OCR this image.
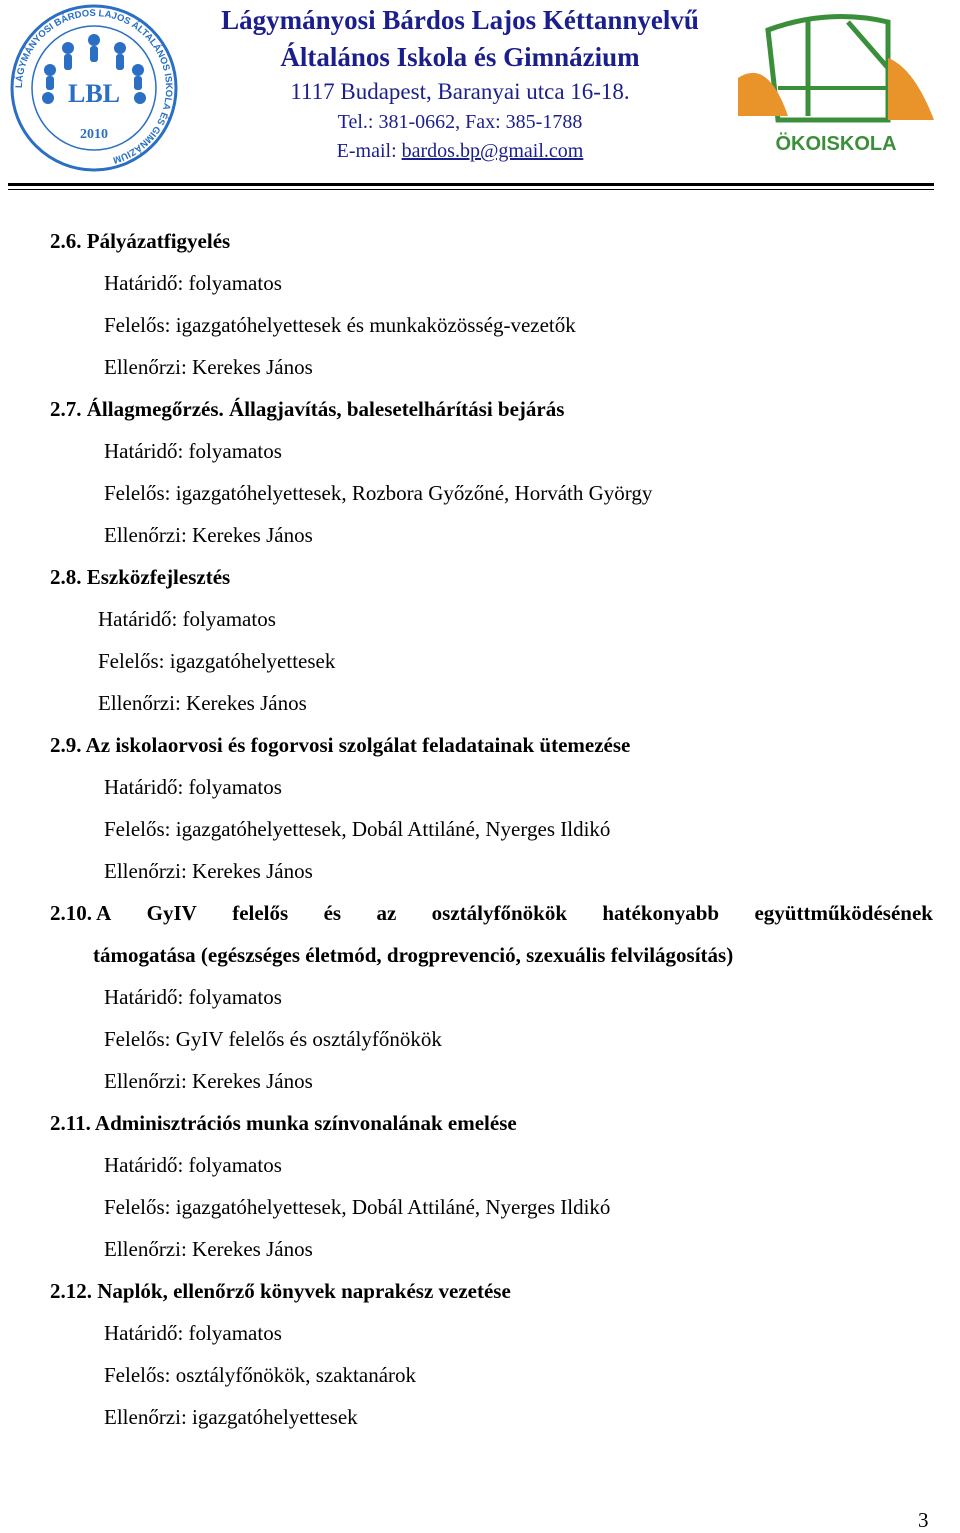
LÁGYMÁNYOSI BÁRDOS LAJOS ÁLTALÁNOS ISKOLA ÉS GIMNÁZIUM
LBL
2010
Lágymányosi Bárdos Lajos Kéttannyelvű
Általános Iskola és Gimnázium
1117 Budapest, Baranyai utca 16-18.
Tel.: 381-0662, Fax: 385-1788
E-mail: bardos.bp@gmail.com	ÖKOISKOLA
2.6. Pályázatfigyelés
Határidő: folyamatos
Felelős: igazgatóhelyettesek és munkaközösség-vezetők
Ellenőrzi: Kerekes János
2.7. Állagmegőrzés. Állagjavítás, balesetelhárítási bejárás
Határidő: folyamatos
Felelős: igazgatóhelyettesek, Rozbora Győzőné, Horváth György
Ellenőrzi: Kerekes János
2.8. Eszközfejlesztés
Határidő: folyamatos
Felelős: igazgatóhelyettesek
Ellenőrzi: Kerekes János
2.9. Az iskolaorvosi és fogorvosi szolgálat feladatainak ütemezése
Határidő: folyamatos
Felelős: igazgatóhelyettesek, Dobál Attiláné, Nyerges Ildikó
Ellenőrzi: Kerekes János
2.10. A GyIV felelős és az osztályfőnökök hatékonyabb együttműködésének
támogatása (egészséges életmód, drogprevenció, szexuális felvilágosítás)
Határidő: folyamatos
Felelős: GyIV felelős és osztályfőnökök
Ellenőrzi: Kerekes János
2.11. Adminisztrációs munka színvonalának emelése
Határidő: folyamatos
Felelős: igazgatóhelyettesek, Dobál Attiláné, Nyerges Ildikó
Ellenőrzi: Kerekes János
2.12. Naplók, ellenőrző könyvek naprakész vezetése
Határidő: folyamatos
Felelős: osztályfőnökök, szaktanárok
Ellenőrzi: igazgatóhelyettesek
3
